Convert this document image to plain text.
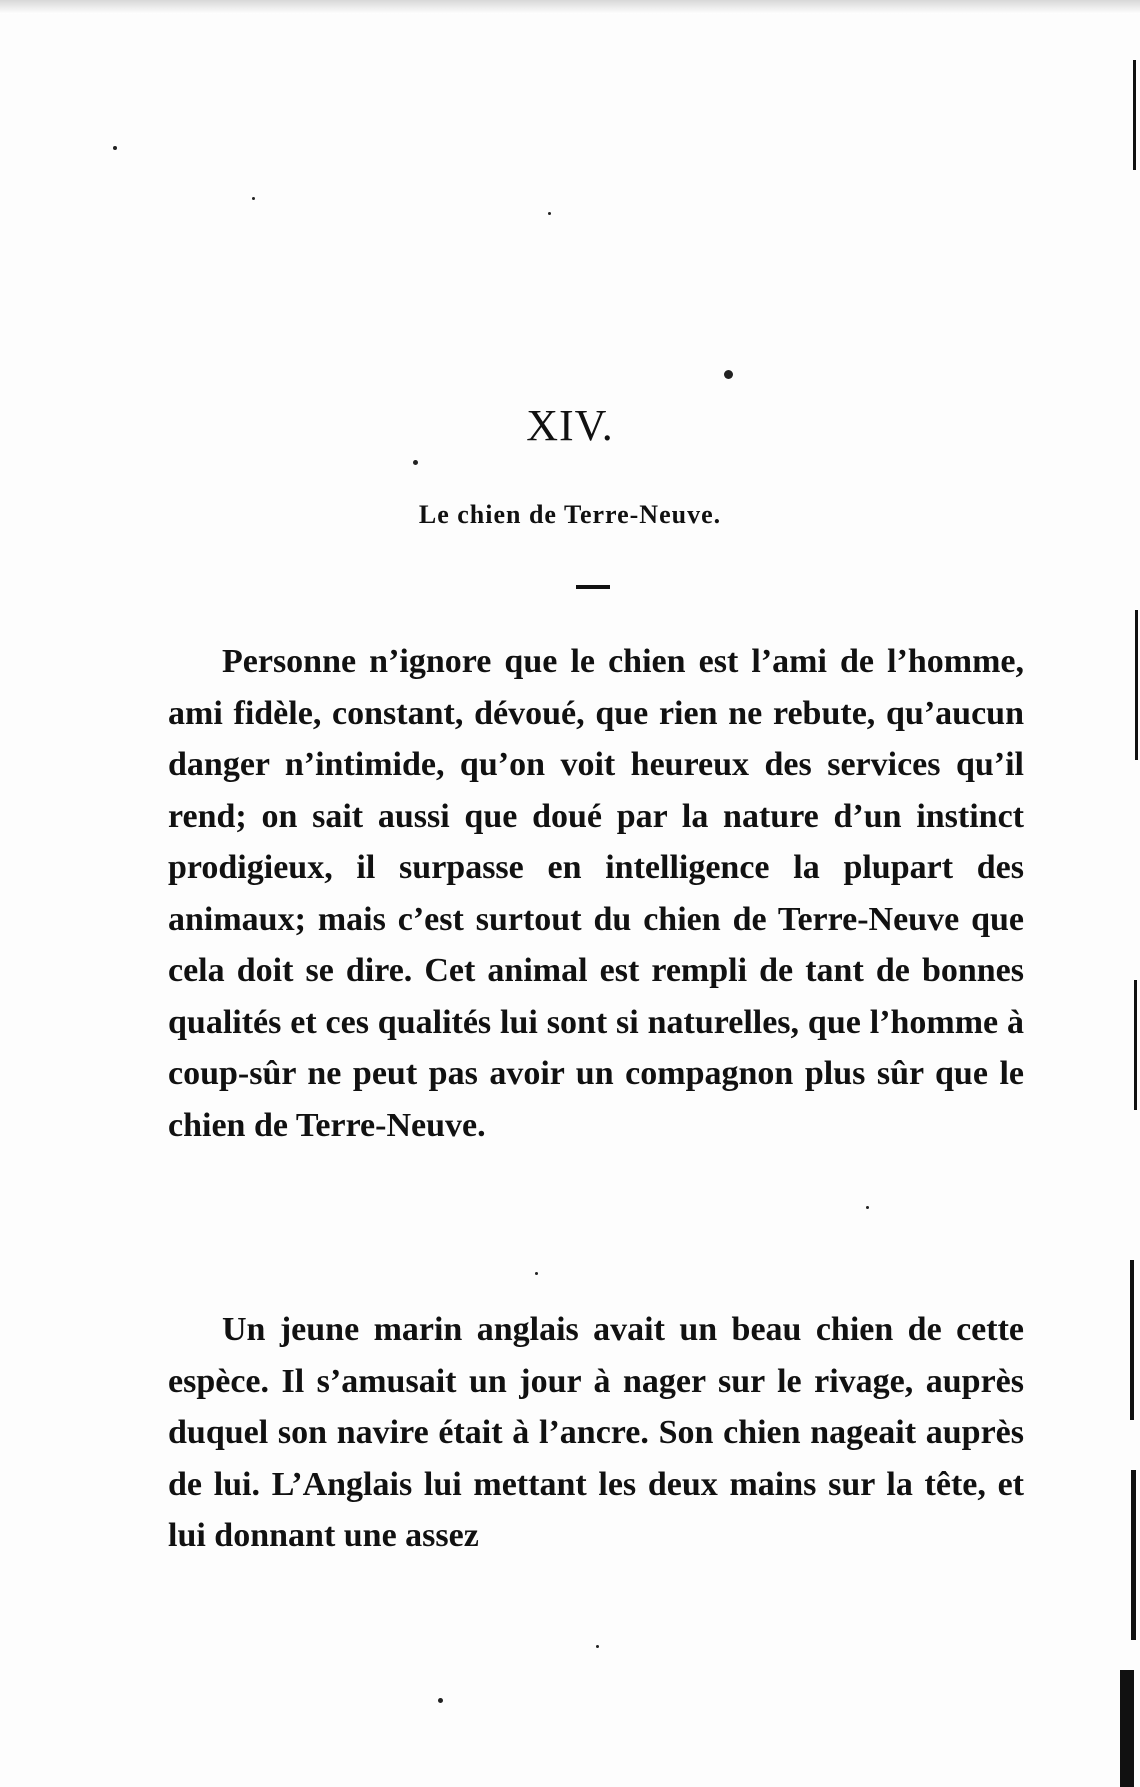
XIV.
Le chien de Terre-Neuve.

Personne n’ignore que le chien est l’ami de l’homme, ami fidèle, constant, dévoué, que rien ne rebute, qu’aucun danger n’intimide, qu’on voit heureux des services qu’il rend; on sait aussi que doué par la nature d’un instinct prodigieux, il surpasse en intelligence la plupart des animaux; mais c’est surtout du chien de Terre-Neuve que cela doit se dire. Cet animal est rempli de tant de bonnes qualités et ces qualités lui sont si naturelles, que l’homme à coup-sûr ne peut pas avoir un compagnon plus sûr que le chien de Terre-Neuve.

Un jeune marin anglais avait un beau chien de cette espèce. Il s’amusait un jour à nager sur le rivage, auprès duquel son navire était à l’ancre. Son chien nageait auprès de lui. L’Anglais lui mettant les deux mains sur la tête, et lui donnant une assez
